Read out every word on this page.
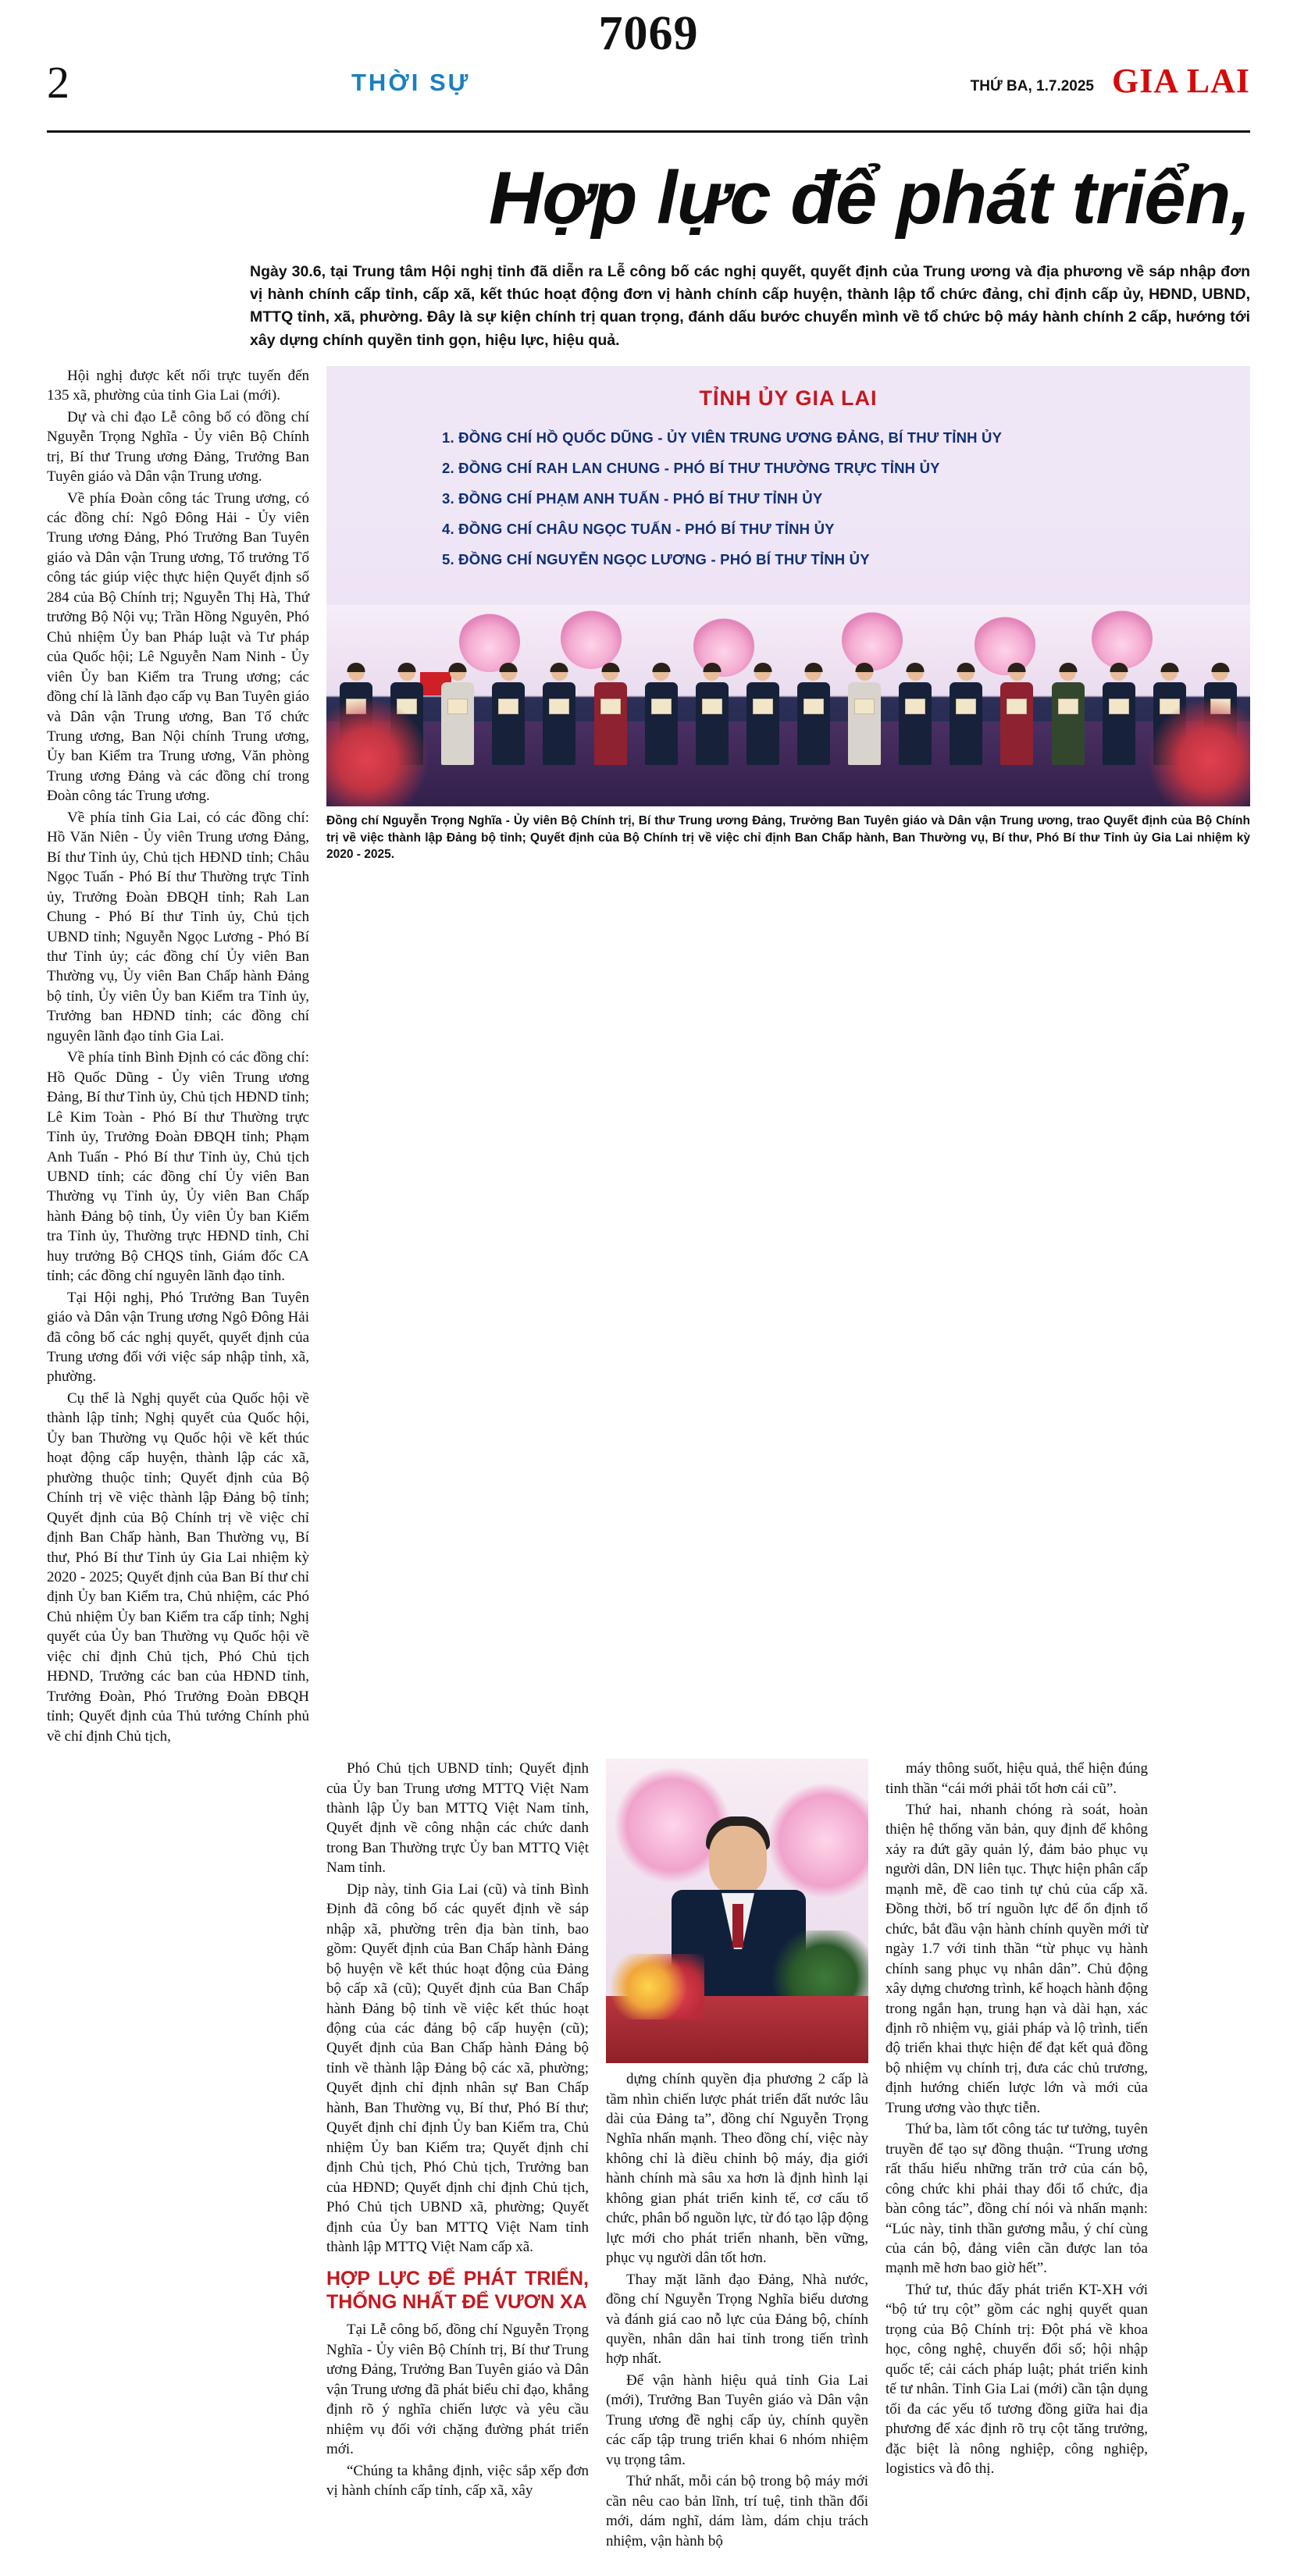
7069
2	THỜI SỰ	THỨ BA, 1.7.2025 GIA LAI
Hợp lực để phát triển,
Ngày 30.6, tại Trung tâm Hội nghị tỉnh đã diễn ra Lễ công bố các nghị quyết, quyết định của Trung ương và địa phương về sáp nhập đơn vị hành chính cấp tỉnh, cấp xã, kết thúc hoạt động đơn vị hành chính cấp huyện, thành lập tổ chức đảng, chỉ định cấp ủy, HĐND, UBND, MTTQ tỉnh, xã, phường. Đây là sự kiện chính trị quan trọng, đánh dấu bước chuyển mình về tổ chức bộ máy hành chính 2 cấp, hướng tới xây dựng chính quyền tinh gọn, hiệu lực, hiệu quả.

Hội nghị được kết nối trực tuyến đến 135 xã, phường của tỉnh Gia Lai (mới).

Dự và chỉ đạo Lễ công bố có đồng chí Nguyễn Trọng Nghĩa - Ủy viên Bộ Chính trị, Bí thư Trung ương Đảng, Trưởng Ban Tuyên giáo và Dân vận Trung ương.

Về phía Đoàn công tác Trung ương, có các đồng chí: Ngô Đông Hải - Ủy viên Trung ương Đảng, Phó Trưởng Ban Tuyên giáo và Dân vận Trung ương, Tổ trưởng Tổ công tác giúp việc thực hiện Quyết định số 284 của Bộ Chính trị; Nguyễn Thị Hà, Thứ trưởng Bộ Nội vụ; Trần Hồng Nguyên, Phó Chủ nhiệm Ủy ban Pháp luật và Tư pháp của Quốc hội; Lê Nguyễn Nam Ninh - Ủy viên Ủy ban Kiểm tra Trung ương; các đồng chí là lãnh đạo cấp vụ Ban Tuyên giáo và Dân vận Trung ương, Ban Tổ chức Trung ương, Ban Nội chính Trung ương, Ủy ban Kiểm tra Trung ương, Văn phòng Trung ương Đảng và các đồng chí trong Đoàn công tác Trung ương.

Về phía tỉnh Gia Lai, có các đồng chí: Hồ Văn Niên - Ủy viên Trung ương Đảng, Bí thư Tỉnh ủy, Chủ tịch HĐND tỉnh; Châu Ngọc Tuấn - Phó Bí thư Thường trực Tỉnh ủy, Trưởng Đoàn ĐBQH tỉnh; Rah Lan Chung - Phó Bí thư Tỉnh ủy, Chủ tịch UBND tỉnh; Nguyễn Ngọc Lương - Phó Bí thư Tỉnh ủy; các đồng chí Ủy viên Ban Thường vụ, Ủy viên Ban Chấp hành Đảng bộ tỉnh, Ủy viên Ủy ban Kiểm tra Tỉnh ủy, Trưởng ban HĐND tỉnh; các đồng chí nguyên lãnh đạo tỉnh Gia Lai.

Về phía tỉnh Bình Định có các đồng chí: Hồ Quốc Dũng - Ủy viên Trung ương Đảng, Bí thư Tỉnh ủy, Chủ tịch HĐND tỉnh; Lê Kim Toàn - Phó Bí thư Thường trực Tỉnh ủy, Trưởng Đoàn ĐBQH tỉnh; Phạm Anh Tuấn - Phó Bí thư Tỉnh ủy, Chủ tịch UBND tỉnh; các đồng chí Ủy viên Ban Thường vụ Tỉnh ủy, Ủy viên Ban Chấp hành Đảng bộ tỉnh, Ủy viên Ủy ban Kiểm tra Tỉnh ủy, Thường trực HĐND tỉnh, Chỉ huy trưởng Bộ CHQS tỉnh, Giám đốc CA tỉnh; các đồng chí nguyên lãnh đạo tỉnh.

Tại Hội nghị, Phó Trưởng Ban Tuyên giáo và Dân vận Trung ương Ngô Đông Hải đã công bố các nghị quyết, quyết định của Trung ương đối với việc sáp nhập tỉnh, xã, phường.

Cụ thể là Nghị quyết của Quốc hội về thành lập tỉnh; Nghị quyết của Quốc hội, Ủy ban Thường vụ Quốc hội về kết thúc hoạt động cấp huyện, thành lập các xã, phường thuộc tỉnh; Quyết định của Bộ Chính trị về việc thành lập Đảng bộ tỉnh; Quyết định của Bộ Chính trị về việc chỉ định Ban Chấp hành, Ban Thường vụ, Bí thư, Phó Bí thư Tỉnh ủy Gia Lai nhiệm kỳ 2020 - 2025; Quyết định của Ban Bí thư chỉ định Ủy ban Kiểm tra, Chủ nhiệm, các Phó Chủ nhiệm Ủy ban Kiểm tra cấp tỉnh; Nghị quyết của Ủy ban Thường vụ Quốc hội về việc chỉ định Chủ tịch, Phó Chủ tịch HĐND, Trưởng các ban của HĐND tỉnh, Trưởng Đoàn, Phó Trưởng Đoàn ĐBQH tỉnh; Quyết định của Thủ tướng Chính phủ về chỉ định Chủ tịch,

TỈNH ỦY GIA LAI
1. ĐỒNG CHÍ HỒ QUỐC DŨNG - ỦY VIÊN TRUNG ƯƠNG ĐẢNG, BÍ THƯ TỈNH ỦY
2. ĐỒNG CHÍ RAH LAN CHUNG - PHÓ BÍ THƯ THƯỜNG TRỰC TỈNH ỦY
3. ĐỒNG CHÍ PHẠM ANH TUẤN - PHÓ BÍ THƯ TỈNH ỦY
4. ĐỒNG CHÍ CHÂU NGỌC TUẤN - PHÓ BÍ THƯ TỈNH ỦY
5. ĐỒNG CHÍ NGUYỄN NGỌC LƯƠNG - PHÓ BÍ THƯ TỈNH ỦY
Đồng chí Nguyễn Trọng Nghĩa - Ủy viên Bộ Chính trị, Bí thư Trung ương Đảng, Trưởng Ban Tuyên giáo và Dân vận Trung ương, trao Quyết định của Bộ Chính trị về việc thành lập Đảng bộ tỉnh; Quyết định của Bộ Chính trị về việc chỉ định Ban Chấp hành, Ban Thường vụ, Bí thư, Phó Bí thư Tỉnh ủy Gia Lai nhiệm kỳ 2020 - 2025.

Phó Chủ tịch UBND tỉnh; Quyết định của Ủy ban Trung ương MTTQ Việt Nam thành lập Ủy ban MTTQ Việt Nam tỉnh, Quyết định về công nhận các chức danh trong Ban Thường trực Ủy ban MTTQ Việt Nam tỉnh.

Dịp này, tỉnh Gia Lai (cũ) và tỉnh Bình Định đã công bố các quyết định về sáp nhập xã, phường trên địa bàn tỉnh, bao gồm: Quyết định của Ban Chấp hành Đảng bộ huyện về kết thúc hoạt động của Đảng bộ cấp xã (cũ); Quyết định của Ban Chấp hành Đảng bộ tỉnh về việc kết thúc hoạt động của các đảng bộ cấp huyện (cũ); Quyết định của Ban Chấp hành Đảng bộ tỉnh về thành lập Đảng bộ các xã, phường; Quyết định chỉ định nhân sự Ban Chấp hành, Ban Thường vụ, Bí thư, Phó Bí thư; Quyết định chỉ định Ủy ban Kiểm tra, Chủ nhiệm Ủy ban Kiểm tra; Quyết định chỉ định Chủ tịch, Phó Chủ tịch, Trưởng ban của HĐND; Quyết định chỉ định Chủ tịch, Phó Chủ tịch UBND xã, phường; Quyết định của Ủy ban MTTQ Việt Nam tỉnh thành lập MTTQ Việt Nam cấp xã.

HỢP LỰC ĐỂ PHÁT TRIỂN, THỐNG NHẤT ĐỂ VƯƠN XA

Tại Lễ công bố, đồng chí Nguyễn Trọng Nghĩa - Ủy viên Bộ Chính trị, Bí thư Trung ương Đảng, Trưởng Ban Tuyên giáo và Dân vận Trung ương đã phát biểu chỉ đạo, khẳng định rõ ý nghĩa chiến lược và yêu cầu nhiệm vụ đối với chặng đường phát triển mới.

“Chúng ta khẳng định, việc sắp xếp đơn vị hành chính cấp tỉnh, cấp xã, xây

dựng chính quyền địa phương 2 cấp là tầm nhìn chiến lược phát triển đất nước lâu dài của Đảng ta”, đồng chí Nguyễn Trọng Nghĩa nhấn mạnh. Theo đồng chí, việc này không chỉ là điều chỉnh bộ máy, địa giới hành chính mà sâu xa hơn là định hình lại không gian phát triển kinh tế, cơ cấu tổ chức, phân bổ nguồn lực, từ đó tạo lập động lực mới cho phát triển nhanh, bền vững, phục vụ người dân tốt hơn.

Thay mặt lãnh đạo Đảng, Nhà nước, đồng chí Nguyễn Trọng Nghĩa biểu dương và đánh giá cao nỗ lực của Đảng bộ, chính quyền, nhân dân hai tỉnh trong tiến trình hợp nhất.

Để vận hành hiệu quả tỉnh Gia Lai (mới), Trưởng Ban Tuyên giáo và Dân vận Trung ương đề nghị cấp ủy, chính quyền các cấp tập trung triển khai 6 nhóm nhiệm vụ trọng tâm.

Thứ nhất, mỗi cán bộ trong bộ máy mới cần nêu cao bản lĩnh, trí tuệ, tinh thần đổi mới, dám nghĩ, dám làm, dám chịu trách nhiệm, vận hành bộ

máy thông suốt, hiệu quả, thể hiện đúng tinh thần “cái mới phải tốt hơn cái cũ”.

Thứ hai, nhanh chóng rà soát, hoàn thiện hệ thống văn bản, quy định để không xảy ra đứt gãy quản lý, đảm bảo phục vụ người dân, DN liên tục. Thực hiện phân cấp mạnh mẽ, đề cao tinh tự chủ của cấp xã. Đồng thời, bố trí nguồn lực để ổn định tổ chức, bắt đầu vận hành chính quyền mới từ ngày 1.7 với tinh thần “từ phục vụ hành chính sang phục vụ nhân dân”. Chủ động xây dựng chương trình, kế hoạch hành động trong ngắn hạn, trung hạn và dài hạn, xác định rõ nhiệm vụ, giải pháp và lộ trình, tiến độ triển khai thực hiện để đạt kết quả đồng bộ nhiệm vụ chính trị, đưa các chủ trương, định hướng chiến lược lớn và mới của Trung ương vào thực tiễn.

Thứ ba, làm tốt công tác tư tưởng, tuyên truyền để tạo sự đồng thuận. “Trung ương rất thấu hiểu những trăn trở của cán bộ, công chức khi phải thay đổi tổ chức, địa bàn công tác”, đồng chí nói và nhấn mạnh: “Lúc này, tinh thần gương mẫu, ý chí cùng của cán bộ, đảng viên cần được lan tỏa mạnh mẽ hơn bao giờ hết”.

Thứ tư, thúc đẩy phát triển KT-XH với “bộ tứ trụ cột” gồm các nghị quyết quan trọng của Bộ Chính trị: Đột phá về khoa học, công nghệ, chuyển đổi số; hội nhập quốc tế; cải cách pháp luật; phát triển kinh tế tư nhân. Tỉnh Gia Lai (mới) cần tận dụng tối đa các yếu tố tương đồng giữa hai địa phương để xác định rõ trụ cột tăng trưởng, đặc biệt là nông nghiệp, công nghiệp, logistics và đô thị.
